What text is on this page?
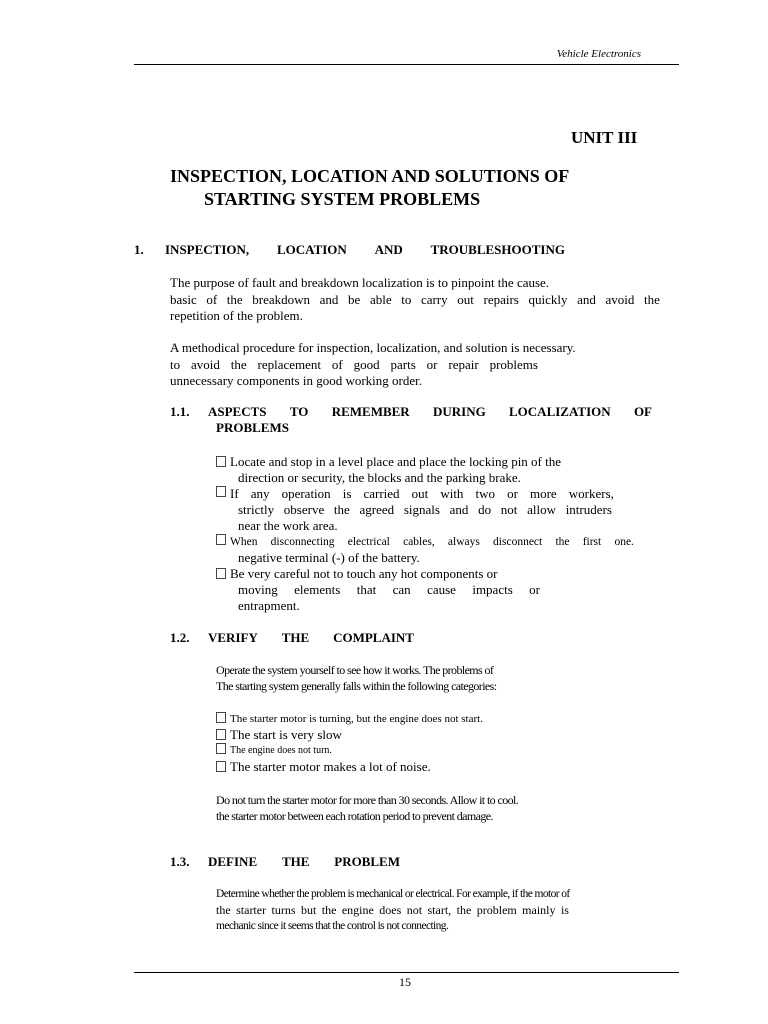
Vehicle Electronics
UNIT III
INSPECTION, LOCATION AND SOLUTIONS OF
STARTING SYSTEM PROBLEMS
1. INSPECTION, LOCATION AND TROUBLESHOOTING
The purpose of fault and breakdown localization is to pinpoint the cause.
basic of the breakdown and be able to carry out repairs quickly and avoid the
repetition of the problem.
A methodical procedure for inspection, localization, and solution is necessary.
to avoid the replacement of good parts or repair problems
unnecessary components in good working order.
1.1. ASPECTS TO REMEMBER DURING LOCALIZATION OF
PROBLEMS
Locate and stop in a level place and place the locking pin of the
direction or security, the blocks and the parking brake.
If any operation is carried out with two or more workers,
strictly observe the agreed signals and do not allow intruders
near the work area.
When disconnecting electrical cables, always disconnect the first one.
negative terminal (-) of the battery.
Be very careful not to touch any hot components or
moving elements that can cause impacts or
entrapment.
1.2. VERIFY THE COMPLAINT
Operate the system yourself to see how it works. The problems of
The starting system generally falls within the following categories:
The starter motor is turning, but the engine does not start.
The start is very slow
The engine does not turn.
The starter motor makes a lot of noise.
Do not turn the starter motor for more than 30 seconds. Allow it to cool.
the starter motor between each rotation period to prevent damage.
1.3. DEFINE THE PROBLEM
Determine whether the problem is mechanical or electrical. For example, if the motor of
the starter turns but the engine does not start, the problem mainly is
mechanic since it seems that the control is not connecting.
15
